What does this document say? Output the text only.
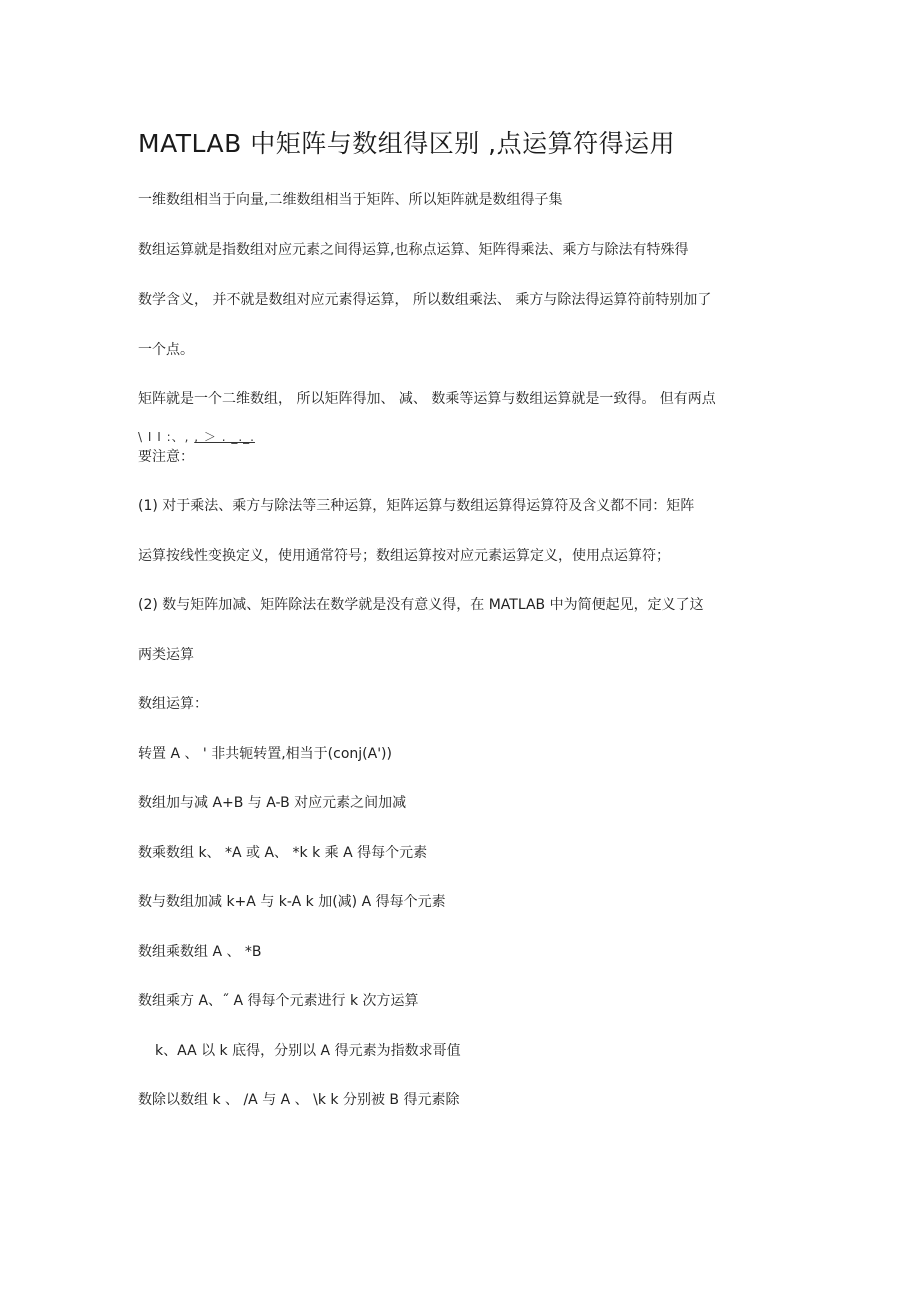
MATLAB 中矩阵与数组得区别 ,点运算符得运用
一维数组相当于向量,二维数组相当于矩阵、所以矩阵就是数组得子集
数组运算就是指数组对应元素之间得运算,也称点运算、矩阵得乘法、乘方与除法有特殊得
数学含义， 并不就是数组对应元素得运算， 所以数组乘法、 乘方与除法得运算符前特别加了
一个点。
矩阵就是一个二维数组， 所以矩阵得加、 减、 数乘等运算与数组运算就是一致得。 但有两点
\ I I :、, , ＞ . _._.
要注意：
(1) 对于乘法、乘方与除法等三种运算，矩阵运算与数组运算得运算符及含义都不同：矩阵
运算按线性变换定义，使用通常符号；数组运算按对应元素运算定义，使用点运算符；
(2) 数与矩阵加减、矩阵除法在数学就是没有意义得，在 MATLAB 中为简便起见，定义了这
两类运算
数组运算：
转置 A 、 ' 非共轭转置,相当于(conj(A'))
数组加与减 A+B 与 A-B 对应元素之间加减
数乘数组 k、 *A 或 A、 *k k 乘 A 得每个元素
数与数组加减 k+A 与 k-A k 加(减) A 得每个元素
数组乘数组 A 、 *B
数组乘方 A、˝ A 得每个元素进行 k 次方运算
k、AA 以 k 底得，分别以 A 得元素为指数求哥值
数除以数组 k 、 /A 与 A 、 \k k 分别被 B 得元素除
